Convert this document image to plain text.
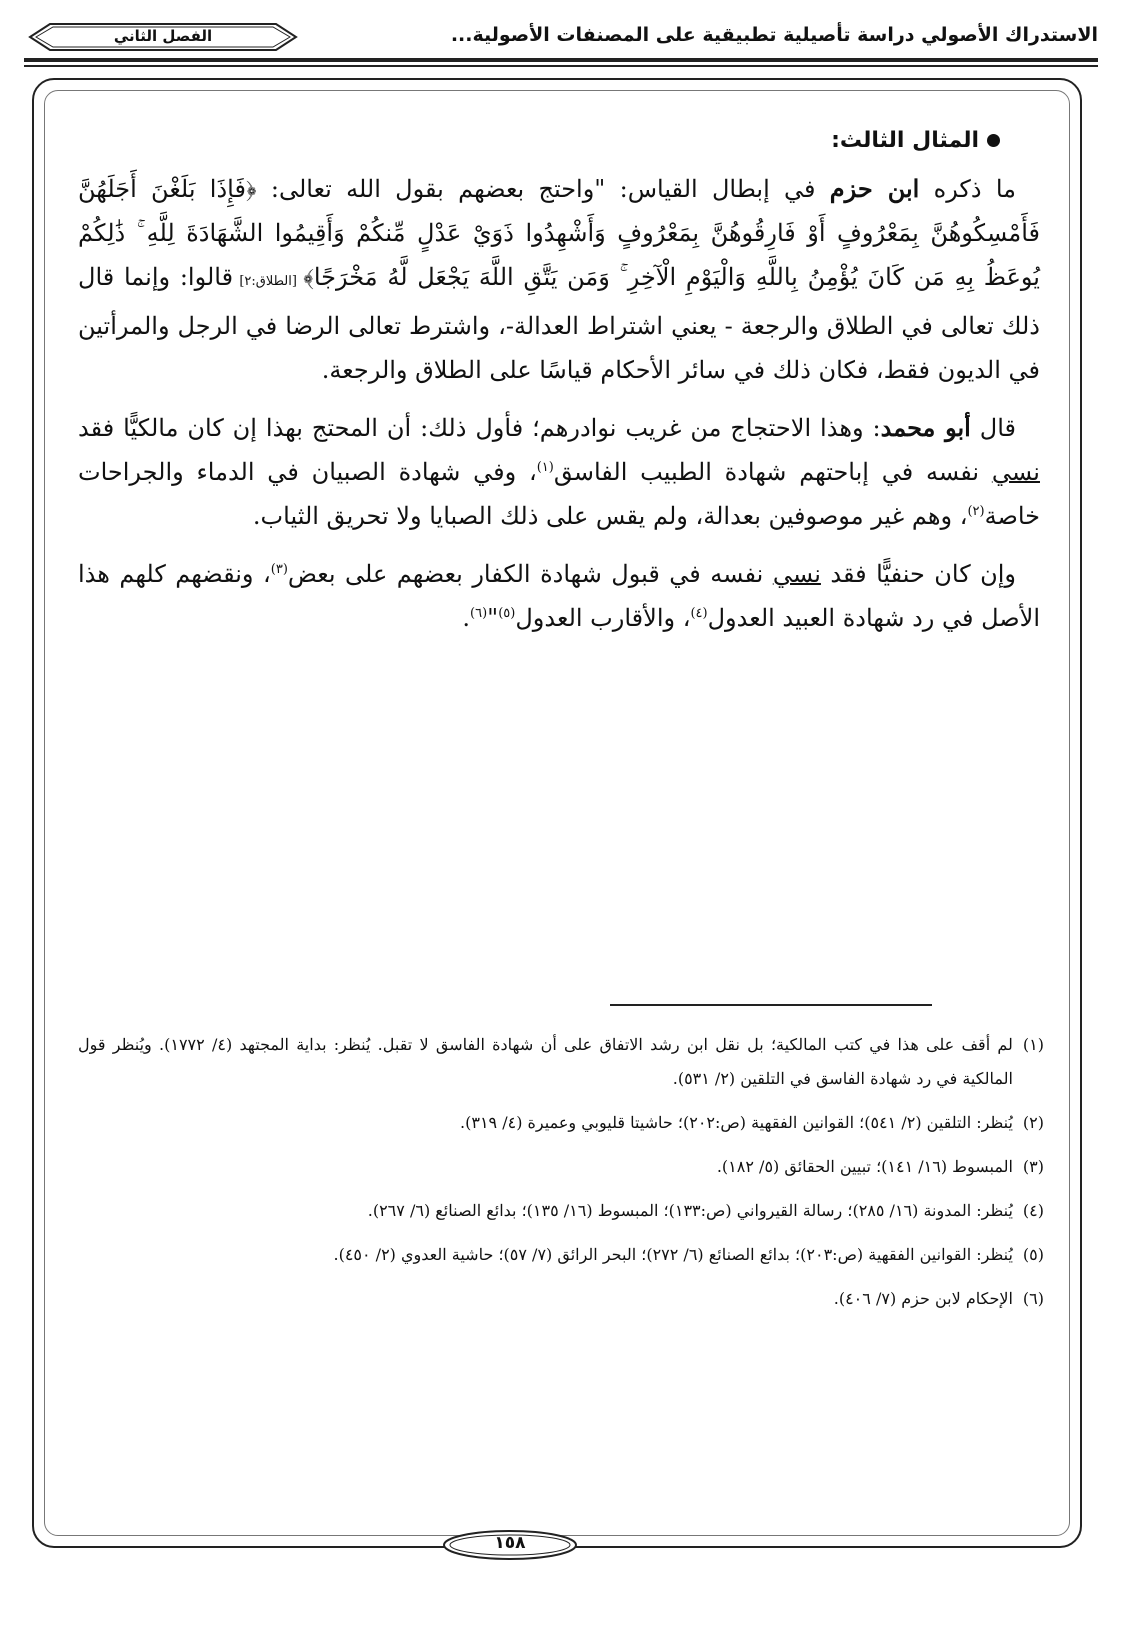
الاستدراك الأصولي دراسة تأصيلية تطبيقية على المصنفات الأصولية...
الفصل الثاني
المثال الثالث:

ما ذكره ابن حزم في إبطال القياس: "واحتج بعضهم بقول الله تعالى: ﴿فَإِذَا بَلَغْنَ أَجَلَهُنَّ فَأَمْسِكُوهُنَّ بِمَعْرُوفٍ أَوْ فَارِقُوهُنَّ بِمَعْرُوفٍ وَأَشْهِدُوا ذَوَيْ عَدْلٍ مِّنكُمْ وَأَقِيمُوا الشَّهَادَةَ لِلَّهِ ۚ ذَٰلِكُمْ يُوعَظُ بِهِ مَن كَانَ يُؤْمِنُ بِاللَّهِ وَالْيَوْمِ الْآخِرِ ۚ وَمَن يَتَّقِ اللَّهَ يَجْعَل لَّهُ مَخْرَجًا﴾ [الطلاق:٢] قالوا: وإنما قال ذلك تعالى في الطلاق والرجعة - يعني اشتراط العدالة-، واشترط تعالى الرضا في الرجل والمرأتين في الديون فقط، فكان ذلك في سائر الأحكام قياسًا على الطلاق والرجعة.

قال أبو محمد: وهذا الاحتجاج من غريب نوادرهم؛ فأول ذلك: أن المحتج بهذا إن كان مالكيًّا فقد نسي نفسه في إباحتهم شهادة الطبيب الفاسق$^{(١)}$، وفي شهادة الصبيان في الدماء والجراحات خاصة$^{(٢)}$، وهم غير موصوفين بعدالة، ولم يقس على ذلك الصبايا ولا تحريق الثياب.

وإن كان حنفيًّا فقد نسي نفسه في قبول شهادة الكفار بعضهم على بعض$^{(٣)}$، ونقضهم كلهم هذا الأصل في رد شهادة العبيد العدول$^{(٤)}$، والأقارب العدول$^{(٥)}$"$^{(٦)}$.

(١)
لم أقف على هذا في كتب المالكية؛ بل نقل ابن رشد الاتفاق على أن شهادة الفاسق لا تقبل. يُنظر: بداية المجتهد (٤/ ١٧٧٢). ويُنظر قول المالكية في رد شهادة الفاسق في التلقين (٢/ ٥٣١).
(٢)
يُنظر: التلقين (٢/ ٥٤١)؛ القوانين الفقهية (ص:٢٠٢)؛ حاشيتا قليوبي وعميرة (٤/ ٣١٩).
(٣)
المبسوط (١٦/ ١٤١)؛ تبيين الحقائق (٥/ ١٨٢).
(٤)
يُنظر: المدونة (١٦/ ٢٨٥)؛ رسالة القيرواني (ص:١٣٣)؛ المبسوط (١٦/ ١٣٥)؛ بدائع الصنائع (٦/ ٢٦٧).
(٥)
يُنظر: القوانين الفقهية (ص:٢٠٣)؛ بدائع الصنائع (٦/ ٢٧٢)؛ البحر الرائق (٧/ ٥٧)؛ حاشية العدوي (٢/ ٤٥٠).
(٦)
الإحكام لابن حزم (٧/ ٤٠٦).
١٥٨
